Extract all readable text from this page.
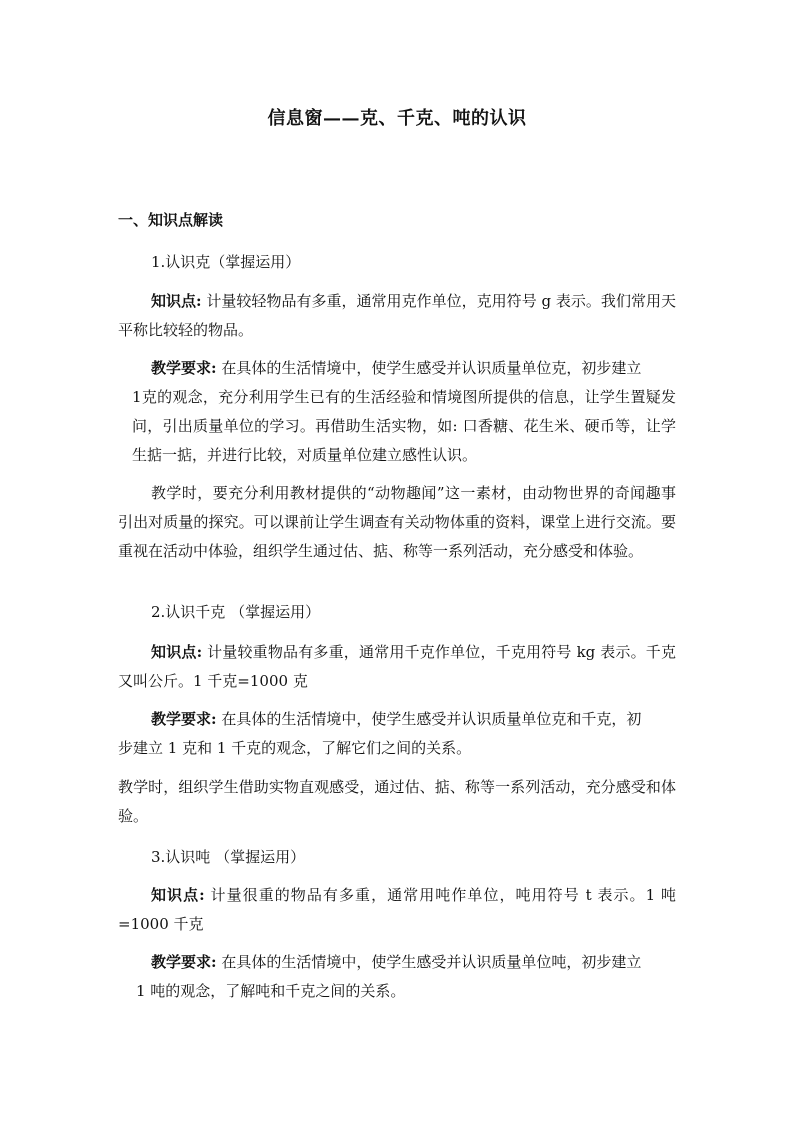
信息窗——克、千克、吨的认识
一、知识点解读
1.认识克（掌握运用）
知识点: 计量较轻物品有多重，通常用克作单位，克用符号 g 表示。我们常用天平称比较轻的物品。
教学要求: 在具体的生活情境中，使学生感受并认识质量单位克，初步建立
1克的观念，充分利用学生已有的生活经验和情境图所提供的信息，让学生置疑发问，引出质量单位的学习。再借助生活实物，如: 口香糖、花生米、硬币等，让学生掂一掂，并进行比较，对质量单位建立感性认识。
教学时，要充分利用教材提供的“动物趣闻”这一素材，由动物世界的奇闻趣事引出对质量的探究。可以课前让学生调查有关动物体重的资料，课堂上进行交流。要重视在活动中体验，组织学生通过估、掂、称等一系列活动，充分感受和体验。
2.认识千克 （掌握运用）
知识点: 计量较重物品有多重，通常用千克作单位，千克用符号 kg 表示。千克又叫公斤。1 千克=1000 克
教学要求: 在具体的生活情境中，使学生感受并认识质量单位克和千克，初
步建立 1 克和 1 千克的观念，了解它们之间的关系。
教学时，组织学生借助实物直观感受，通过估、掂、称等一系列活动，充分感受和体验。
3.认识吨 （掌握运用）
知识点: 计量很重的物品有多重，通常用吨作单位，吨用符号 t 表示。1 吨=1000 千克
教学要求: 在具体的生活情境中，使学生感受并认识质量单位吨，初步建立
1 吨的观念，了解吨和千克之间的关系。
